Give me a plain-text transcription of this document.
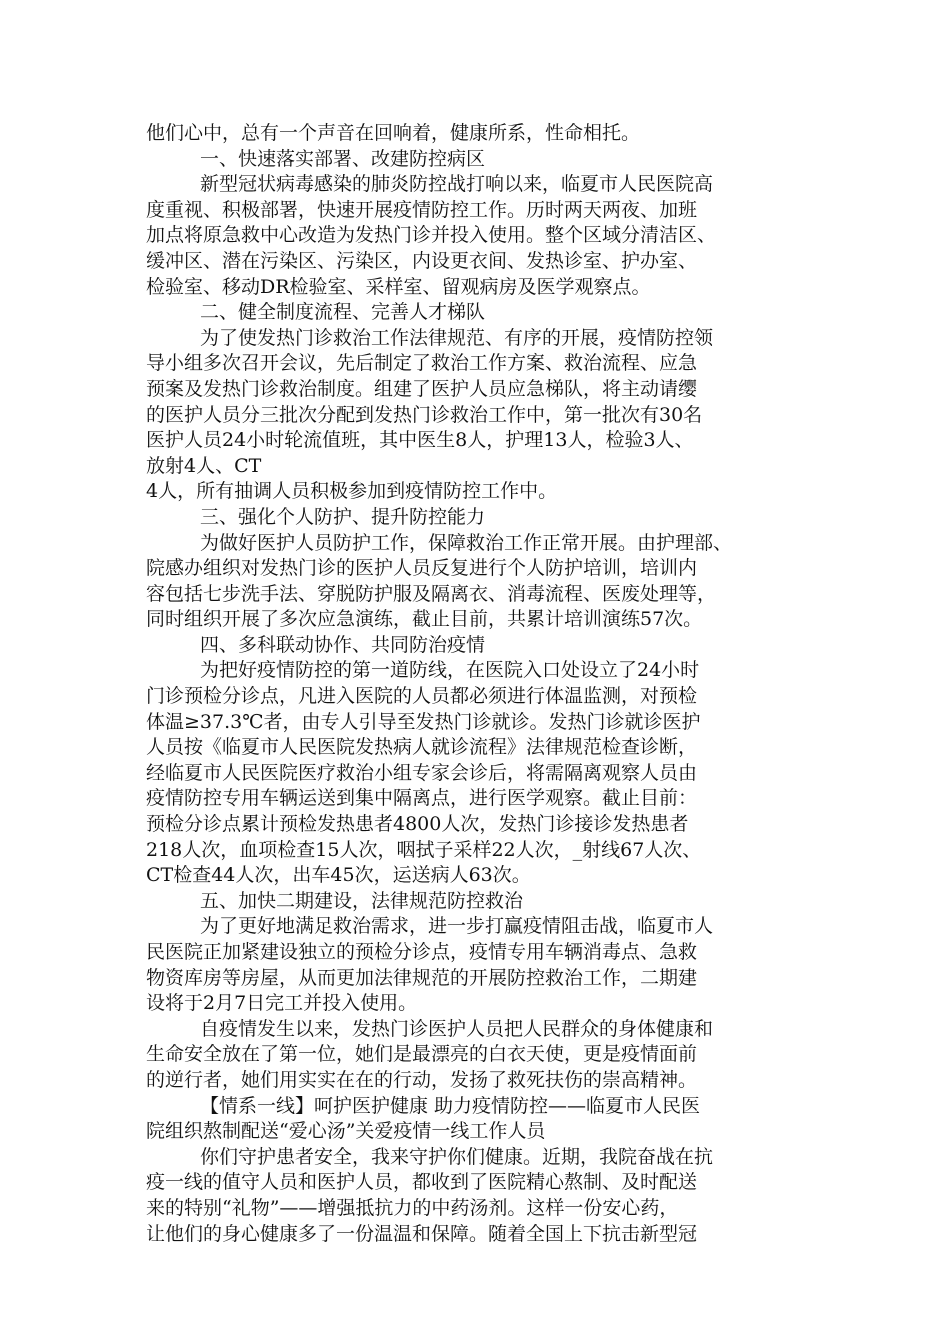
他们心中，总有一个声音在回响着，健康所系，性命相托。
一、快速落实部署、改建防控病区
新型冠状病毒感染的肺炎防控战打响以来，临夏市人民医院高
度重视、积极部署，快速开展疫情防控工作。历时两天两夜、加班
加点将原急救中心改造为发热门诊并投入使用。整个区域分清洁区、
缓冲区、潜在污染区、污染区，内设更衣间、发热诊室、护办室、
检验室、移动DR检验室、采样室、留观病房及医学观察点。
二、健全制度流程、完善人才梯队
为了使发热门诊救治工作法律规范、有序的开展，疫情防控领
导小组多次召开会议，先后制定了救治工作方案、救治流程、应急
预案及发热门诊救治制度。组建了医护人员应急梯队，将主动请缨
的医护人员分三批次分配到发热门诊救治工作中，第一批次有30名
医护人员24小时轮流值班，其中医生8人，护理13人，检验3人、
放射4人、CT
4人，所有抽调人员积极参加到疫情防控工作中。
三、强化个人防护、提升防控能力
为做好医护人员防护工作，保障救治工作正常开展。由护理部、
院感办组织对发热门诊的医护人员反复进行个人防护培训，培训内
容包括七步洗手法、穿脱防护服及隔离衣、消毒流程、医废处理等，
同时组织开展了多次应急演练，截止目前，共累计培训演练57次。
四、多科联动协作、共同防治疫情
为把好疫情防控的第一道防线，在医院入口处设立了24小时
门诊预检分诊点，凡进入医院的人员都必须进行体温监测，对预检
体温≥37.3℃者，由专人引导至发热门诊就诊。发热门诊就诊医护
人员按《临夏市人民医院发热病人就诊流程》法律规范检查诊断，
经临夏市人民医院医疗救治小组专家会诊后，将需隔离观察人员由
疫情防控专用车辆运送到集中隔离点，进行医学观察。截止目前：
预检分诊点累计预检发热患者4800人次，发热门诊接诊发热患者
218人次，血项检查15人次，咽拭子采样22人次，_射线67人次、
CT检查44人次，出车45次，运送病人63次。
五、加快二期建设，法律规范防控救治
为了更好地满足救治需求，进一步打赢疫情阻击战，临夏市人
民医院正加紧建设独立的预检分诊点，疫情专用车辆消毒点、急救
物资库房等房屋，从而更加法律规范的开展防控救治工作，二期建
设将于2月7日完工并投入使用。
自疫情发生以来，发热门诊医护人员把人民群众的身体健康和
生命安全放在了第一位，她们是最漂亮的白衣天使，更是疫情面前
的逆行者，她们用实实在在的行动，发扬了救死扶伤的崇高精神。
【情系一线】呵护医护健康 助力疫情防控——临夏市人民医
院组织熬制配送“爱心汤”关爱疫情一线工作人员
你们守护患者安全，我来守护你们健康。近期，我院奋战在抗
疫一线的值守人员和医护人员，都收到了医院精心熬制、及时配送
来的特别“礼物”——增强抵抗力的中药汤剂。这样一份安心药，
让他们的身心健康多了一份温温和保障。随着全国上下抗击新型冠
